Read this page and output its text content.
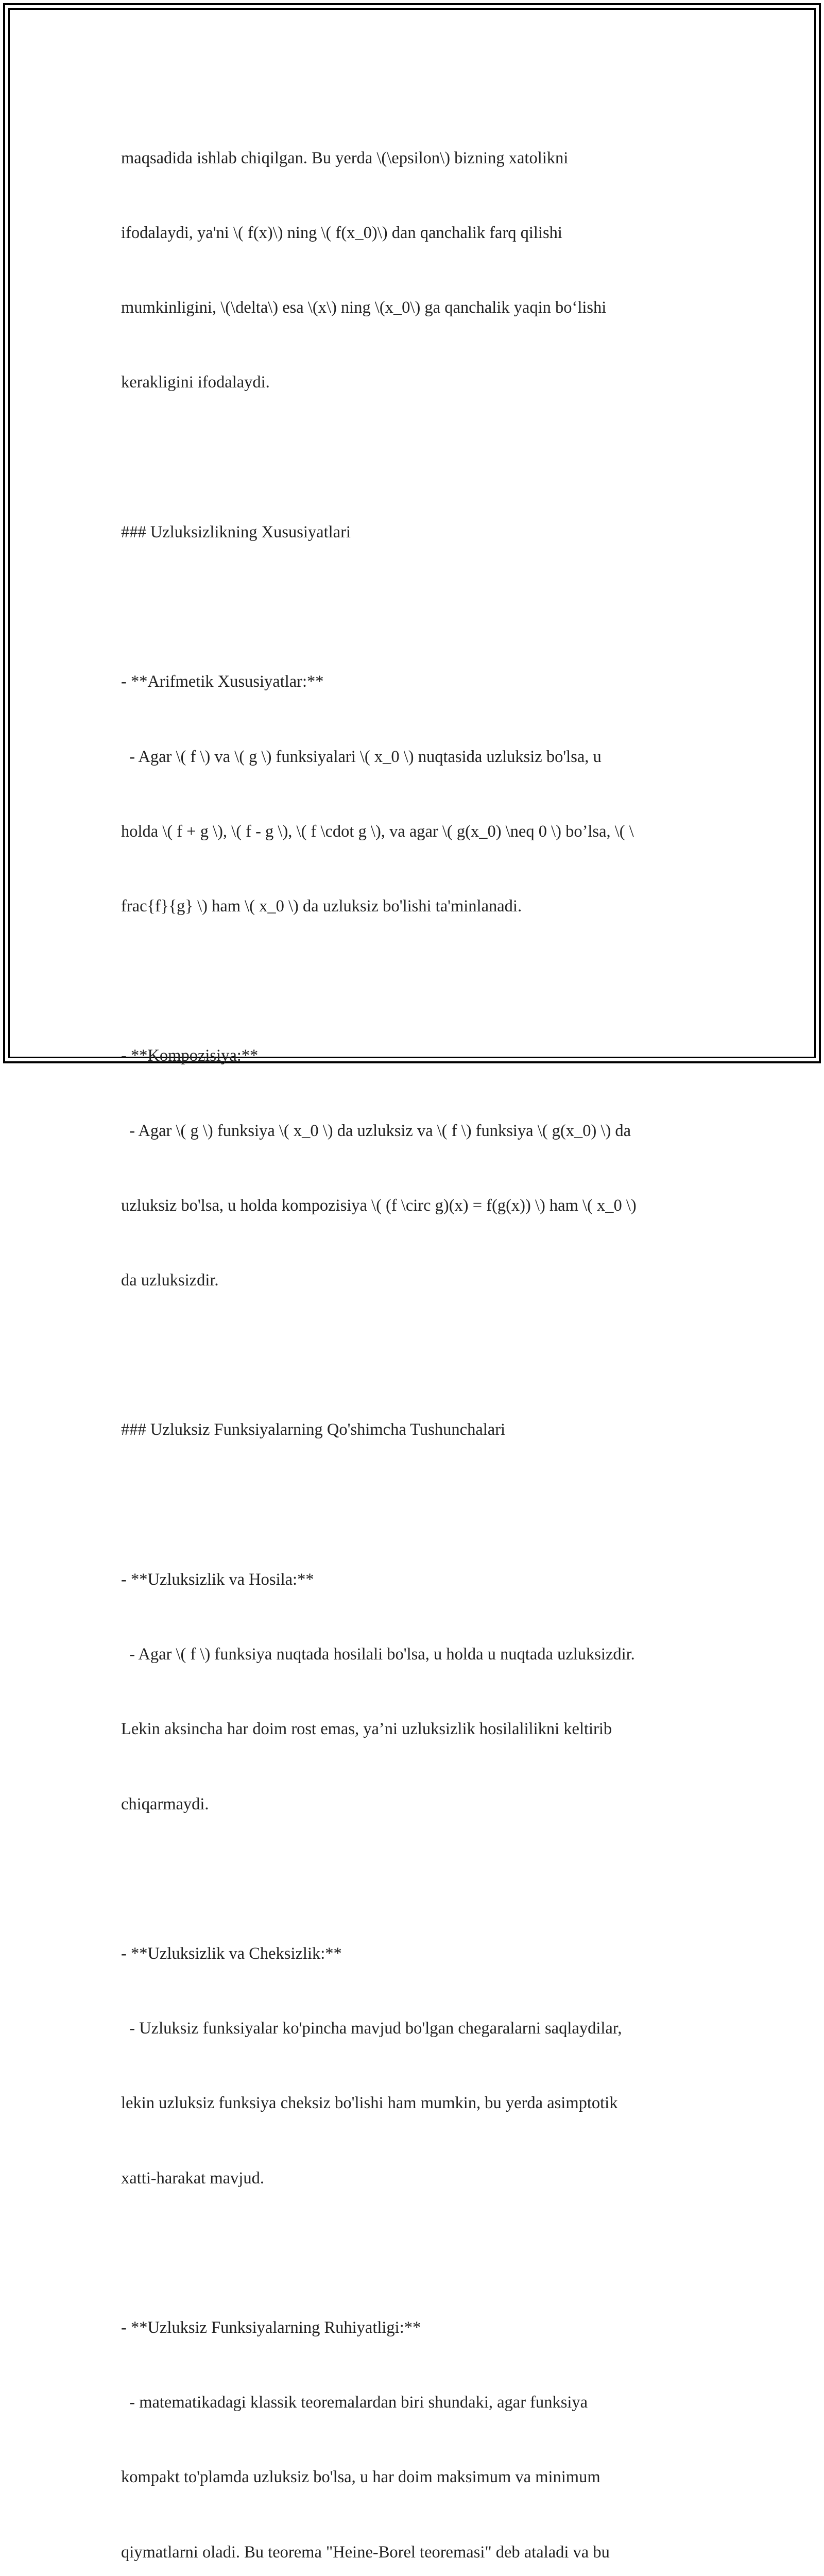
maqsadida ishlab chiqilgan. Bu yerda \(\epsilon\) bizning xatolikni

ifodalaydi, ya'ni \( f(x)\) ning \( f(x_0)\) dan qanchalik farq qilishi

mumkinligini, \(\delta\) esa \(x\) ning \(x_0\) ga qanchalik yaqin bo‘lishi

kerakligini ifodalaydi.

### Uzluksizlikning Xususiyatlari

- **Arifmetik Xususiyatlar:**

- Agar \( f \) va \( g \) funksiyalari \( x_0 \) nuqtasida uzluksiz bo'lsa, u

holda \( f + g \), \( f - g \), \( f \cdot g \), va agar \( g(x_0) \neq 0 \) bo’lsa, \( \

frac{f}{g} \) ham \( x_0 \) da uzluksiz bo'lishi ta'minlanadi.

- **Kompozisiya:**

- Agar \( g \) funksiya \( x_0 \) da uzluksiz va \( f \) funksiya \( g(x_0) \) da

uzluksiz bo'lsa, u holda kompozisiya \( (f \circ g)(x) = f(g(x)) \) ham \( x_0 \)

da uzluksizdir.

### Uzluksiz Funksiyalarning Qo'shimcha Tushunchalari

- **Uzluksizlik va Hosila:**

- Agar \( f \) funksiya nuqtada hosilali bo'lsa, u holda u nuqtada uzluksizdir.

Lekin aksincha har doim rost emas, ya’ni uzluksizlik hosilalilikni keltirib

chiqarmaydi.

- **Uzluksizlik va Cheksizlik:**

- Uzluksiz funksiyalar ko'pincha mavjud bo'lgan chegaralarni saqlaydilar,

lekin uzluksiz funksiya cheksiz bo'lishi ham mumkin, bu yerda asimptotik

xatti-harakat mavjud.

- **Uzluksiz Funksiyalarning Ruhiyatligi:**

- matematikadagi klassik teoremalardan biri shundaki, agar funksiya

kompakt to'plamda uzluksiz bo'lsa, u har doim maksimum va minimum

qiymatlarni oladi. Bu teorema "Heine-Borel teoremasi" deb ataladi va bu
